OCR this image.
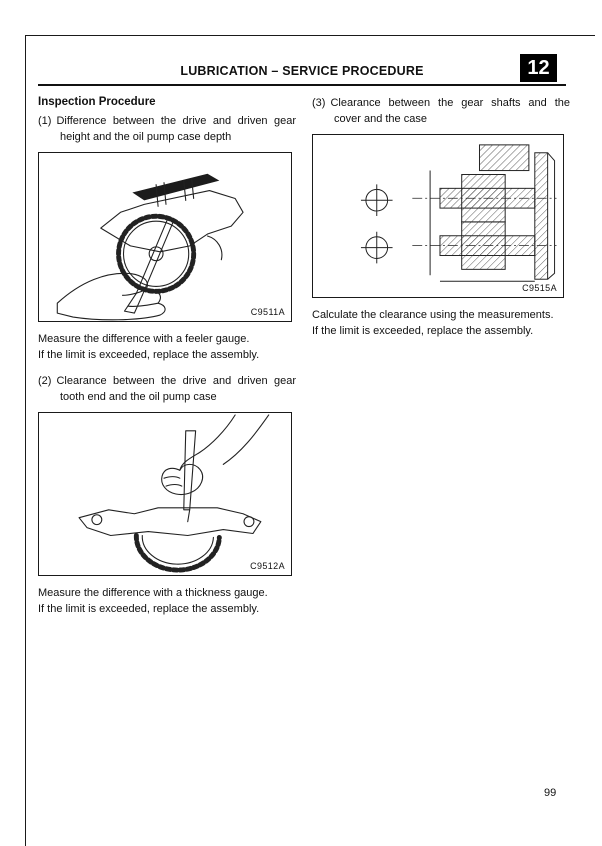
LUBRICATION – SERVICE PROCEDURE	12
Inspection Procedure
(1) Difference between the drive and driven gear height and the oil pump case depth
C9511A
Measure the difference with a feeler gauge.
If the limit is exceeded, replace the assembly.
(2) Clearance between the drive and driven gear tooth end and the oil pump case
C9512A
Measure the difference with a thickness gauge.
If the limit is exceeded, replace the assembly.
(3) Clearance between the gear shafts and the cover and the case
C9515A
Calculate the clearance using the measurements.
If the limit is exceeded, replace the assembly.
99
